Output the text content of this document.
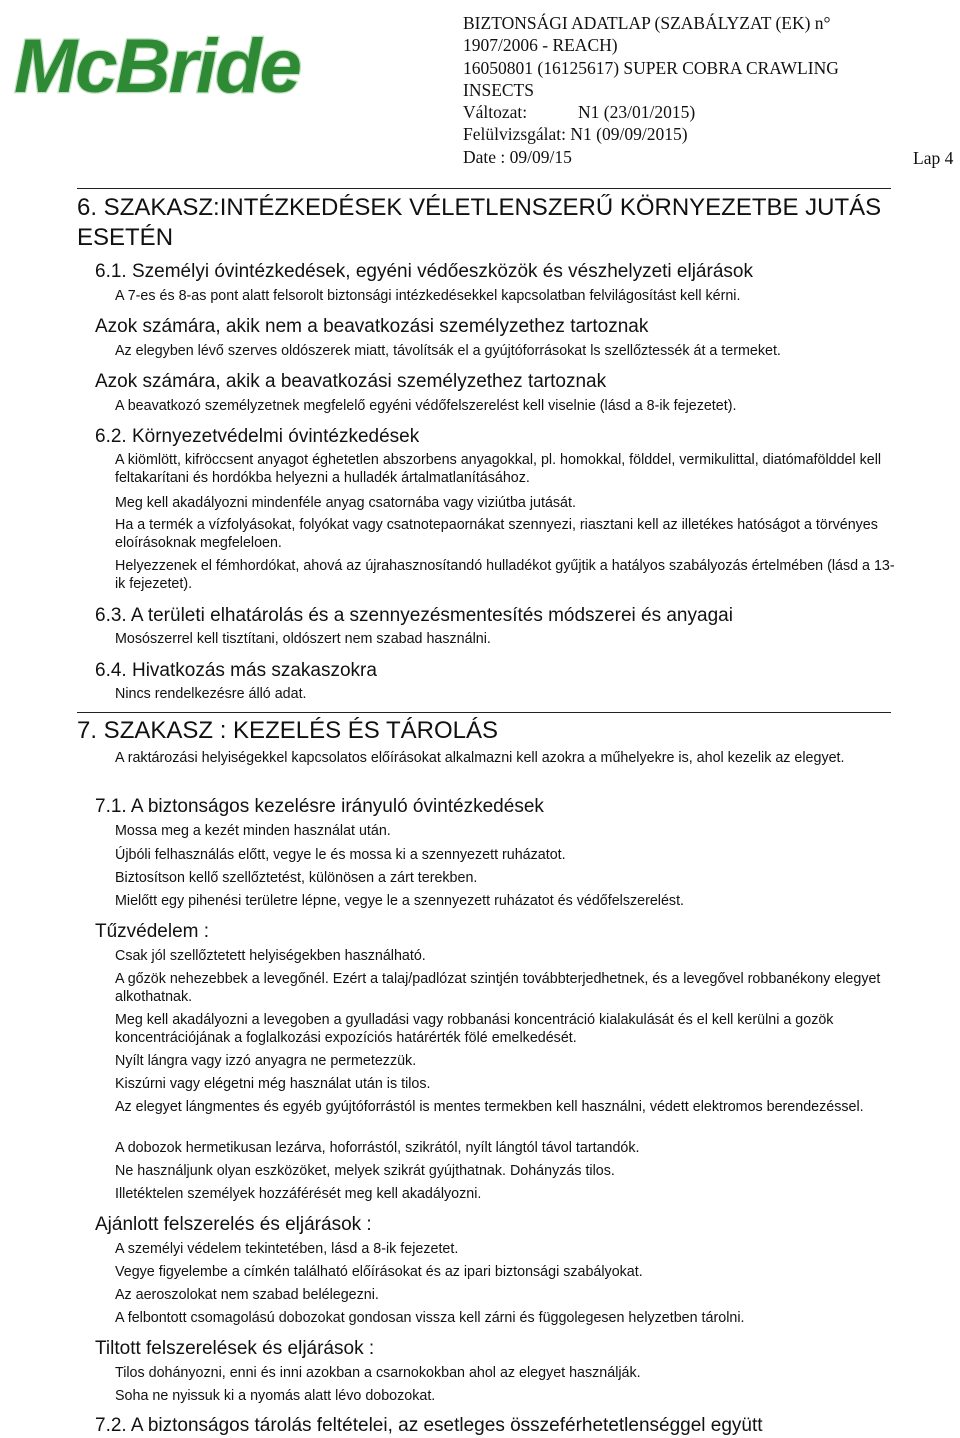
McBride
BIZTONSÁGI ADATLAP (SZABÁLYZAT (EK) n°
1907/2006 - REACH)
16050801 (16125617) SUPER COBRA CRAWLING
INSECTS
Változat:	N1 (23/01/2015)
Felülvizsgálat: N1 (09/09/2015)
Date : 09/09/15	Lap 4
6. SZAKASZ:INTÉZKEDÉSEK VÉLETLENSZERŰ KÖRNYEZETBE JUTÁS ESETÉN
6.1. Személyi óvintézkedések, egyéni védőeszközök és vészhelyzeti eljárások
A 7-es és 8-as pont alatt felsorolt biztonsági intézkedésekkel kapcsolatban felvilágosítást kell kérni.
Azok számára, akik nem a beavatkozási személyzethez tartoznak
Az elegyben lévő szerves oldószerek miatt, távolítsák el a gyújtóforrásokat ls szellőztessék át a termeket.
Azok számára, akik a beavatkozási személyzethez tartoznak
A beavatkozó személyzetnek megfelelő egyéni védőfelszerelést kell viselnie (lásd a 8-ik fejezetet).
6.2. Környezetvédelmi óvintézkedések
A kiömlött, kifröccsent anyagot éghetetlen abszorbens anyagokkal, pl. homokkal, földdel, vermikulittal, diatómafölddel kell feltakarítani és hordókba helyezni a hulladék ártalmatlanításához.
Meg kell akadályozni mindenféle anyag csatornába vagy viziútba jutását.
Ha a termék a vízfolyásokat, folyókat vagy csatnotepaornákat szennyezi, riasztani kell az illetékes hatóságot a törvényes eloírásoknak megfeleloen.
Helyezzenek el fémhordókat, ahová az újrahasznosítandó hulladékot gyűjtik a hatályos szabályozás értelmében (lásd a 13-ik fejezetet).
6.3. A területi elhatárolás és a szennyezésmentesítés módszerei és anyagai
Mosószerrel kell tisztítani, oldószert nem szabad használni.
6.4. Hivatkozás más szakaszokra
Nincs rendelkezésre álló adat.
7. SZAKASZ : KEZELÉS ÉS TÁROLÁS
A raktározási helyiségekkel kapcsolatos előírásokat alkalmazni kell azokra a műhelyekre is, ahol kezelik az elegyet.
7.1. A biztonságos kezelésre irányuló óvintézkedések
Mossa meg a kezét minden használat után.
Újbóli felhasználás előtt, vegye le és mossa ki a szennyezett ruházatot.
Biztosítson kellő szellőztetést, különösen a zárt terekben.
Mielőtt egy pihenési területre lépne, vegye le a szennyezett ruházatot és védőfelszerelést.
Tűzvédelem :
Csak jól szellőztetett helyiségekben használható.
A gőzök nehezebbek a levegőnél. Ezért a talaj/padlózat szintjén továbbterjedhetnek, és a levegővel robbanékony elegyet alkothatnak.
Meg kell akadályozni a levegoben a gyulladási vagy robbanási koncentráció kialakulását és el kell kerülni a gozök koncentrációjának a foglalkozási expozíciós határérték fölé emelkedését.
Nyílt lángra vagy izzó anyagra ne permetezzük.
Kiszúrni vagy elégetni még használat után is tilos.
Az elegyet lángmentes és egyéb gyújtóforrástól is mentes termekben kell használni, védett elektromos berendezéssel.
A dobozok hermetikusan lezárva, hoforrástól, szikrától, nyílt lángtól távol tartandók.
Ne használjunk olyan eszközöket, melyek szikrát gyújthatnak. Dohányzás tilos.
Illetéktelen személyek hozzáférését meg kell akadályozni.
Ajánlott felszerelés és eljárások :
A személyi védelem tekintetében, lásd a 8-ik fejezetet.
Vegye figyelembe a címkén található előírásokat és az ipari biztonsági szabályokat.
Az aeroszolokat nem szabad belélegezni.
A felbontott csomagolású dobozokat gondosan vissza kell zárni és függolegesen helyzetben tárolni.
Tiltott felszerelések és eljárások :
Tilos dohányozni, enni és inni azokban a csarnokokban ahol az elegyet használják.
Soha ne nyissuk ki a nyomás alatt lévo dobozokat.
7.2. A biztonságos tárolás feltételei, az esetleges összeférhetetlenséggel együtt
